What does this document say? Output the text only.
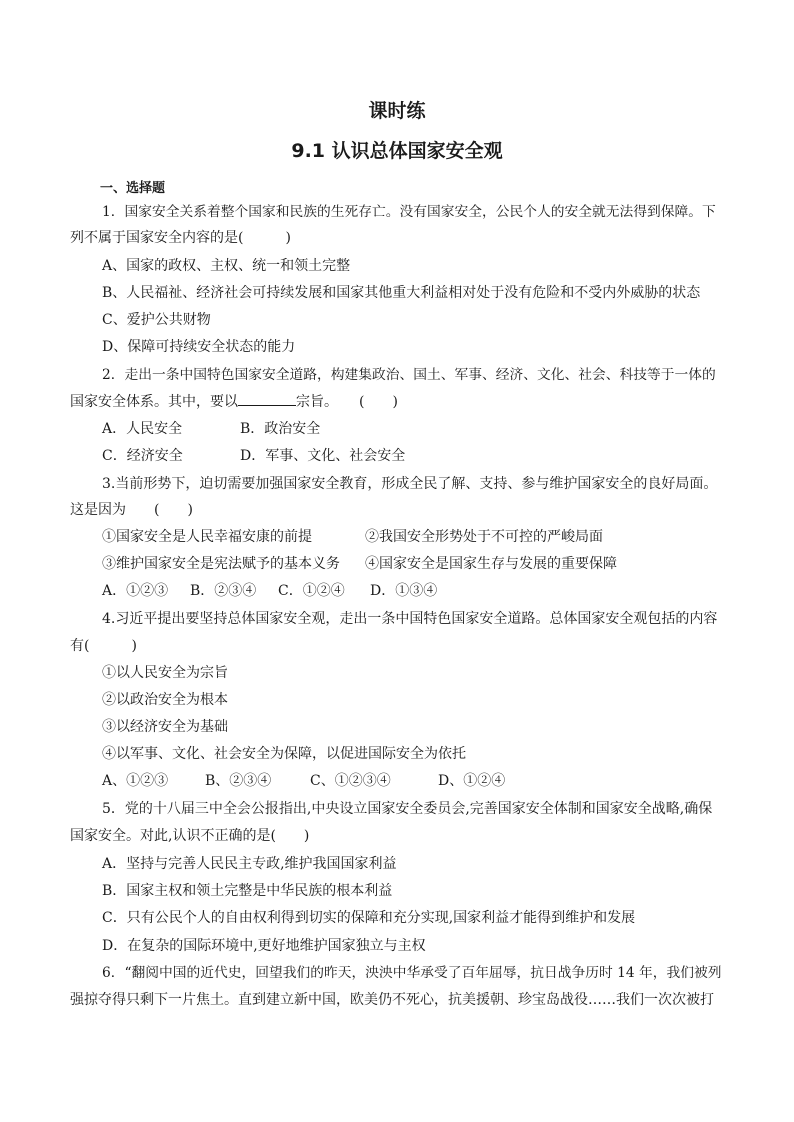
课时练
9.1 认识总体国家安全观
一、选择题
1．国家安全关系着整个国家和民族的生死存亡。没有国家安全，公民个人的安全就无法得到保障。下
列不属于国家安全内容的是(　　　)
A、国家的政权、主权、统一和领土完整
B、人民福祉、经济社会可持续发展和国家其他重大利益相对处于没有危险和不受内外威胁的状态
C、爱护公共财物
D、保障可持续安全状态的能力
2．走出一条中国特色国家安全道路，构建集政治、国土、军事、经济、文化、社会、科技等于一体的
国家安全体系。其中，要以	宗旨。　　(　　)
A．人民安全	B．政治安全
C．经济安全	D．军事、文化、社会安全
3.当前形势下，迫切需要加强国家安全教育，形成全民了解、支持、参与维护国家安全的良好局面。
这是因为　　(　　)
①国家安全是人民幸福安康的前提	②我国安全形势处于不可控的严峻局面
③维护国家安全是宪法赋予的基本义务 ④国家安全是国家生存与发展的重要保障
A．①②③ B．②③④ C．①②④ D．①③④
4.习近平提出要坚持总体国家安全观，走出一条中国特色国家安全道路。总体国家安全观包括的内容
有(　　　)
①以人民安全为宗旨
②以政治安全为根本
③以经济安全为基础
④以军事、文化、社会安全为保障，以促进国际安全为依托
A、①②③	B、②③④	C、①②③④	D、①②④
5．党的十八届三中全会公报指出,中央设立国家安全委员会,完善国家安全体制和国家安全战略,确保
国家安全。对此,认识不正确的是(　　)
A．坚持与完善人民民主专政,维护我国国家利益
B．国家主权和领土完整是中华民族的根本利益
C．只有公民个人的自由权利得到切实的保障和充分实现,国家利益才能得到维护和发展
D．在复杂的国际环境中,更好地维护国家独立与主权
6．“翻阅中国的近代史，回望我们的昨天，泱泱中华承受了百年屈辱，抗日战争历时 14 年，我们被列
强掠夺得只剩下一片焦土。直到建立新中国，欧美仍不死心，抗美援朝、珍宝岛战役……我们一次次被打
